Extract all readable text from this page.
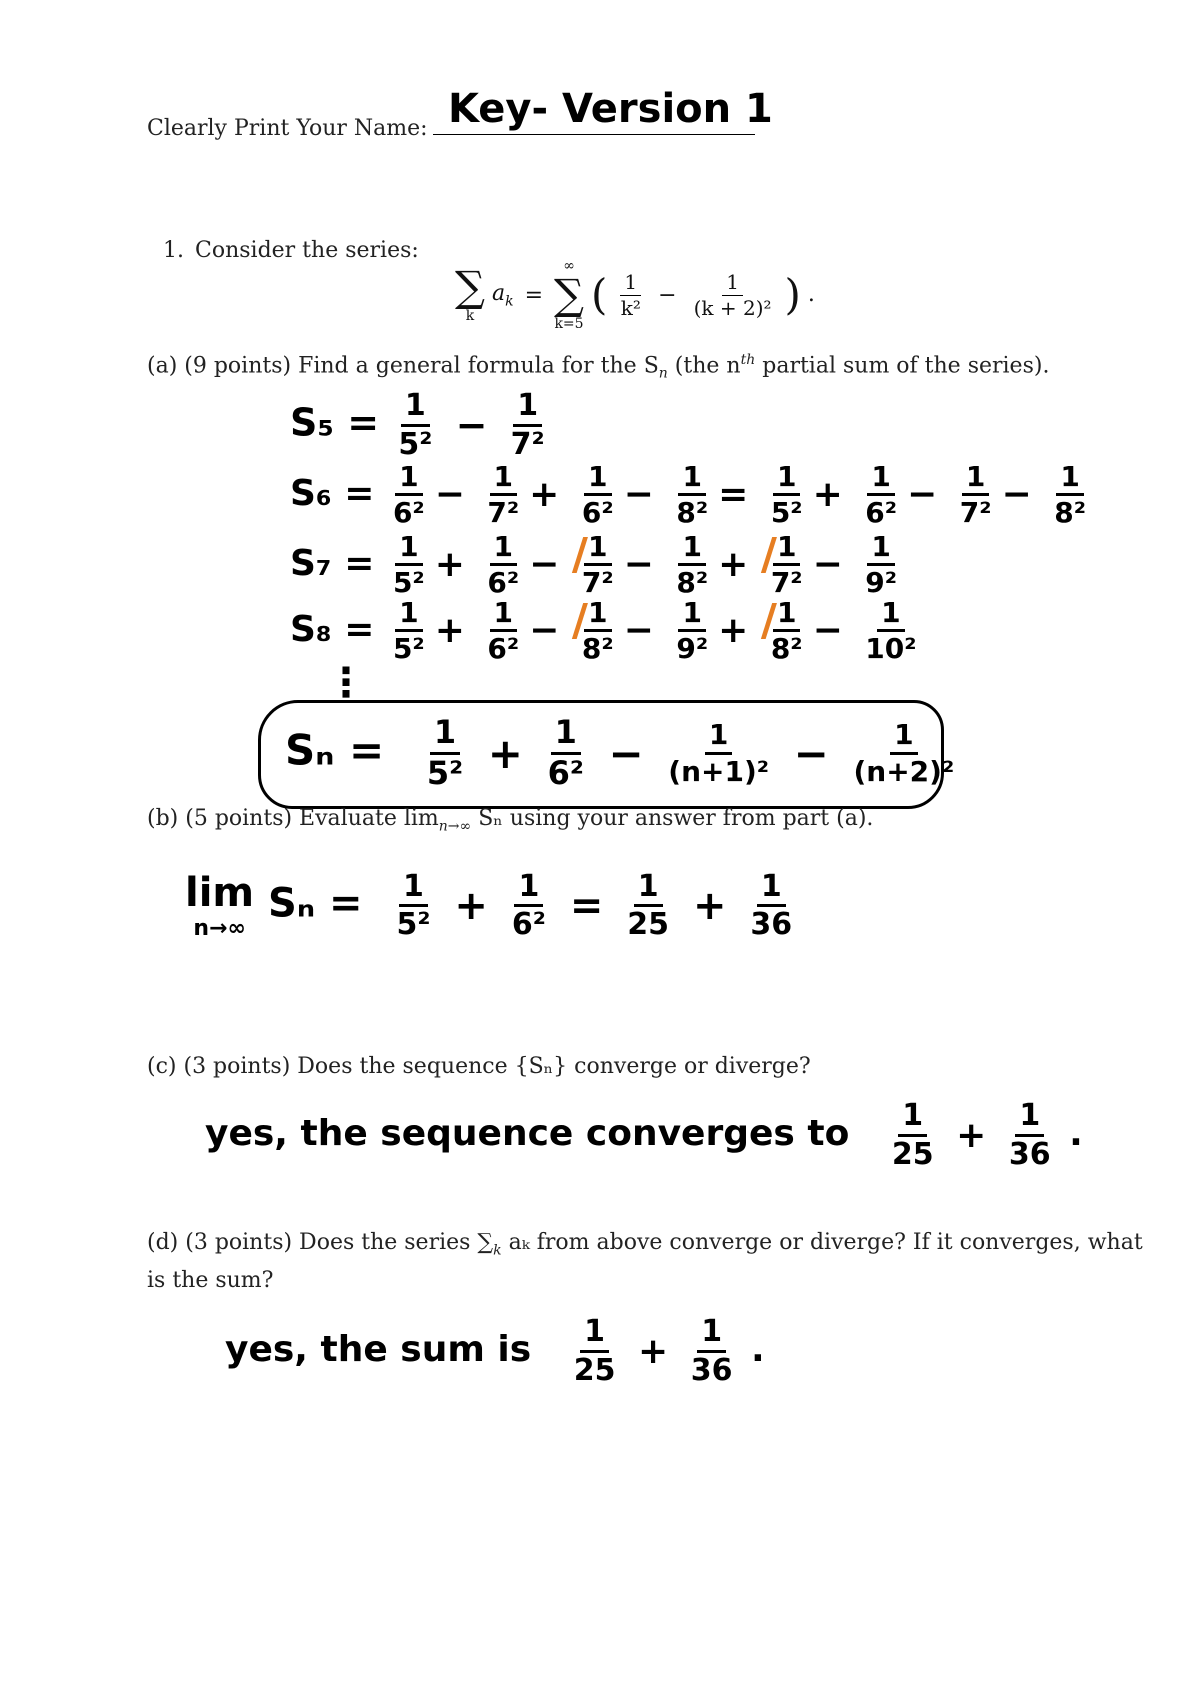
Clearly Print Your Name: Key- Version 1
1. Consider the series:
∑
k
$a_k$ =
∞
∑
k=5
( $\frac{1}{\text{k²}} - \frac{1}{\text{(k + 2)²}}$ ) .
(a) (9 points) Find a general formula for the $S_n$ (the $n^{th}$ partial sum of the series).
$S_5 = \frac{1}{\text{5²}} - \frac{1}{\text{7²}}$
$S_6 = \frac{1}{\text{6²}} - \frac{1}{\text{7²}} + \frac{1}{\text{6²}} - \frac{1}{\text{8²}} = \frac{1}{\text{5²}} + \frac{1}{\text{6²}} - \frac{1}{\text{7²}} - \frac{1}{\text{8²}}$
$S_7 = \frac{1}{\text{5²}} + \frac{1}{\text{6²}} - 1$
7²
/ − $\frac{1}{\text{8²}} + 1$
7²
/ − $\frac{1}{\text{9²}}$
$S_8 = \frac{1}{\text{5²}} + \frac{1}{\text{6²}} - 1$
8²
/ − $\frac{1}{\text{9²}} + 1$
8²
/ − $\frac{1}{\text{10²}}$
⋮
$S_n = \frac{1}{\text{5²}} + \frac{1}{\text{6²}} - \frac{1}{\text{(n+1)²}} - \frac{1}{\text{(n+2)²}}$
(b) (5 points) Evaluate $\lim_{n\to\infty} S_n$ using your answer from part (a).
lim
n→∞
$S_n = \frac{1}{\text{5²}} + \frac{1}{\text{6²}} = \frac{1}{25} + \frac{1}{36}$
(c) (3 points) Does the sequence {Sₙ} converge or diverge?
yes, the sequence converges to $\frac{1}{25} + \frac{1}{36}$ .
(d) (3 points) Does the series $\sum_k$ aₖ from above converge or diverge? If it converges, what
is the sum?
yes, the sum is $\frac{1}{25} + \frac{1}{36}$ .
